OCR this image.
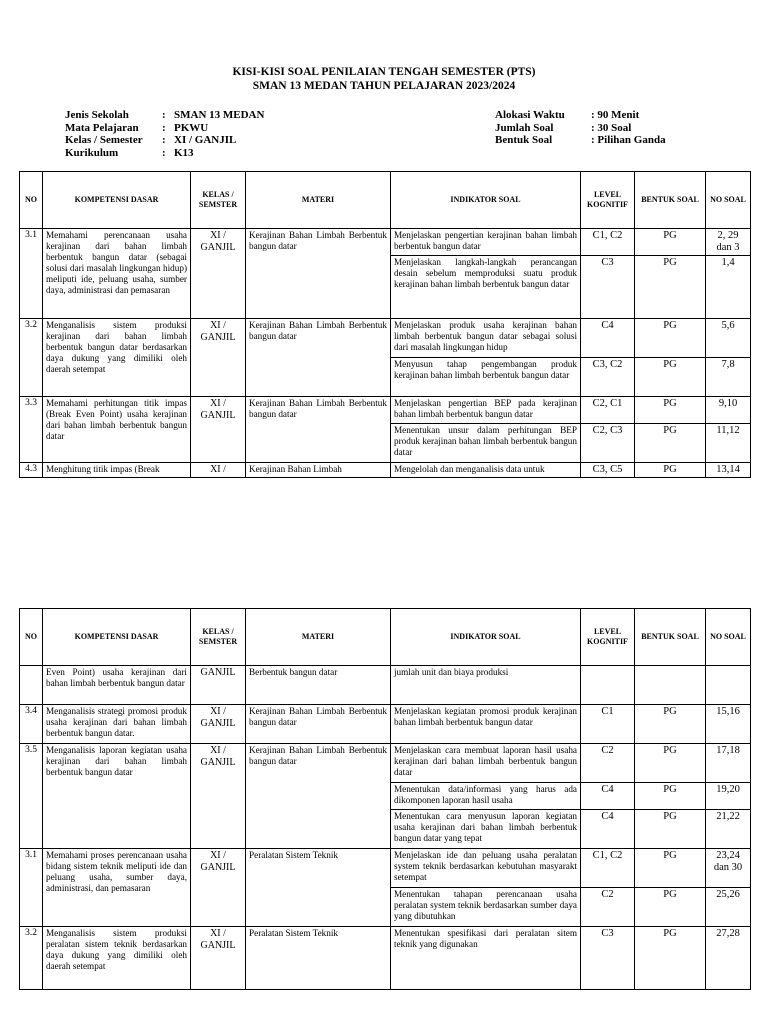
KISI-KISI SOAL PENILAIAN TENGAH SEMESTER (PTS)
SMAN 13 MEDAN TAHUN PELAJARAN 2023/2024
Jenis Sekolah	: SMAN 13 MEDAN
Mata Pelajaran	: PKWU
Kelas / Semester	: XI / GANJIL
Kurikulum	: K13
Alokasi Waktu	: 90 Menit
Jumlah Soal	: 30 Soal
Bentuk Soal	: Pilihan Ganda
NO	KOMPETENSI DASAR	KELAS / SEMSTER	MATERI	INDIKATOR SOAL	LEVEL KOGNITIF	BENTUK SOAL	NO SOAL
3.1	Memahami perencanaan usaha kerajinan dari bahan limbah berbentuk bangun datar (sebagai solusi dari masalah lingkungan hidup) meliputi ide, peluang usaha, sumber daya, administrasi dan pemasaran	XI / GANJIL	Kerajinan Bahan Limbah Berbentuk bangun datar	Menjelaskan pengertian kerajinan bahan limbah berbentuk bangun datar	C1, C2	PG	2, 29 dan 3
				Menjelaskan langkah-langkah perancangan desain sebelum memproduksi suatu produk kerajinan bahan limbah berbentuk bangun datar	C3	PG	1,4
3.2	Menganalisis sistem produksi kerajinan dari bahan limbah berbentuk bangun datar berdasarkan daya dukung yang dimiliki oleh daerah setempat	XI / GANJIL	Kerajinan Bahan Limbah Berbentuk bangun datar	Menjelaskan produk usaha kerajinan bahan limbah berbentuk bangun datar sebagai solusi dari masalah lingkungan hidup	C4	PG	5,6
				Menyusun tahap pengembangan produk kerajinan bahan limbah berbentuk bangun datar	C3, C2	PG	7,8
3.3	Memahami perhitungan titik impas (Break Even Point) usaha kerajinan dari bahan limbah berbentuk bangun datar	XI / GANJIL	Kerajinan Bahan Limbah Berbentuk bangun datar	Menjelaskan pengertian BEP pada kerajinan bahan limbah berbentuk bangun datar	C2, C1	PG	9,10
				Menentukan unsur dalam perhitungan BEP produk kerajinan bahan limbah berbentuk bangun datar	C2, C3	PG	11,12
4.3	Menghitung titik impas (Break	XI /	Kerajinan Bahan Limbah	Mengelolah dan menganalisis data untuk	C3, C5	PG	13,14
NO	KOMPETENSI DASAR	KELAS / SEMSTER	MATERI	INDIKATOR SOAL	LEVEL KOGNITIF	BENTUK SOAL	NO SOAL
	Even Point) usaha kerajinan dari bahan limbah berbentuk bangun datar	GANJIL	Berbentuk bangun datar	jumlah unit dan biaya produksi			
3.4	Menganalisis strategi promosi produk usaha kerajinan dari bahan limbah berbentuk bangun datar.	XI / GANJIL	Kerajinan Bahan Limbah Berbentuk bangun datar	Menjelaskan kegiatan promosi produk kerajinan bahan limbah berbentuk bangun datar	C1	PG	15,16
3.5	Menganalisis laporan kegiatan usaha kerajinan dari bahan limbah berbentuk bangun datar	XI / GANJIL	Kerajinan Bahan Limbah Berbentuk bangun datar	Menjelaskan cara membuat laporan hasil usaha kerajinan dari bahan limbah berbentuk bangun datar	C2	PG	17,18
				Menentukan data/informasi yang harus ada dikomponen laporan hasil usaha	C4	PG	19,20
				Menentukan cara menyusun laporan kegiatan usaha kerajinan dari bahan limbah berbentuk bangun datar yang tepat	C4	PG	21,22
3.1	Memahami proses perencanaan usaha bidang sistem teknik meliputi ide dan peluang usaha, sumber daya, administrasi, dan pemasaran	XI / GANJIL	Peralatan Sistem Teknik	Menjelaskan ide dan peluang usaha peralatan system teknik berdasarkan kebutuhan masyarakt setempat	C1, C2	PG	23,24 dan 30
				Menentukan tahapan perencanaan usaha peralatan system teknik berdasarkan sumber daya yang dibutuhkan	C2	PG	25,26
3.2	Menganalisis sistem produksi peralatan sistem teknik berdasarkan daya dukung yang dimiliki oleh daerah setempat	XI / GANJIL	Peralatan Sistem Teknik	Menentukan spesifikasi dari peralatan sitem teknik yang digunakan	C3	PG	27,28
